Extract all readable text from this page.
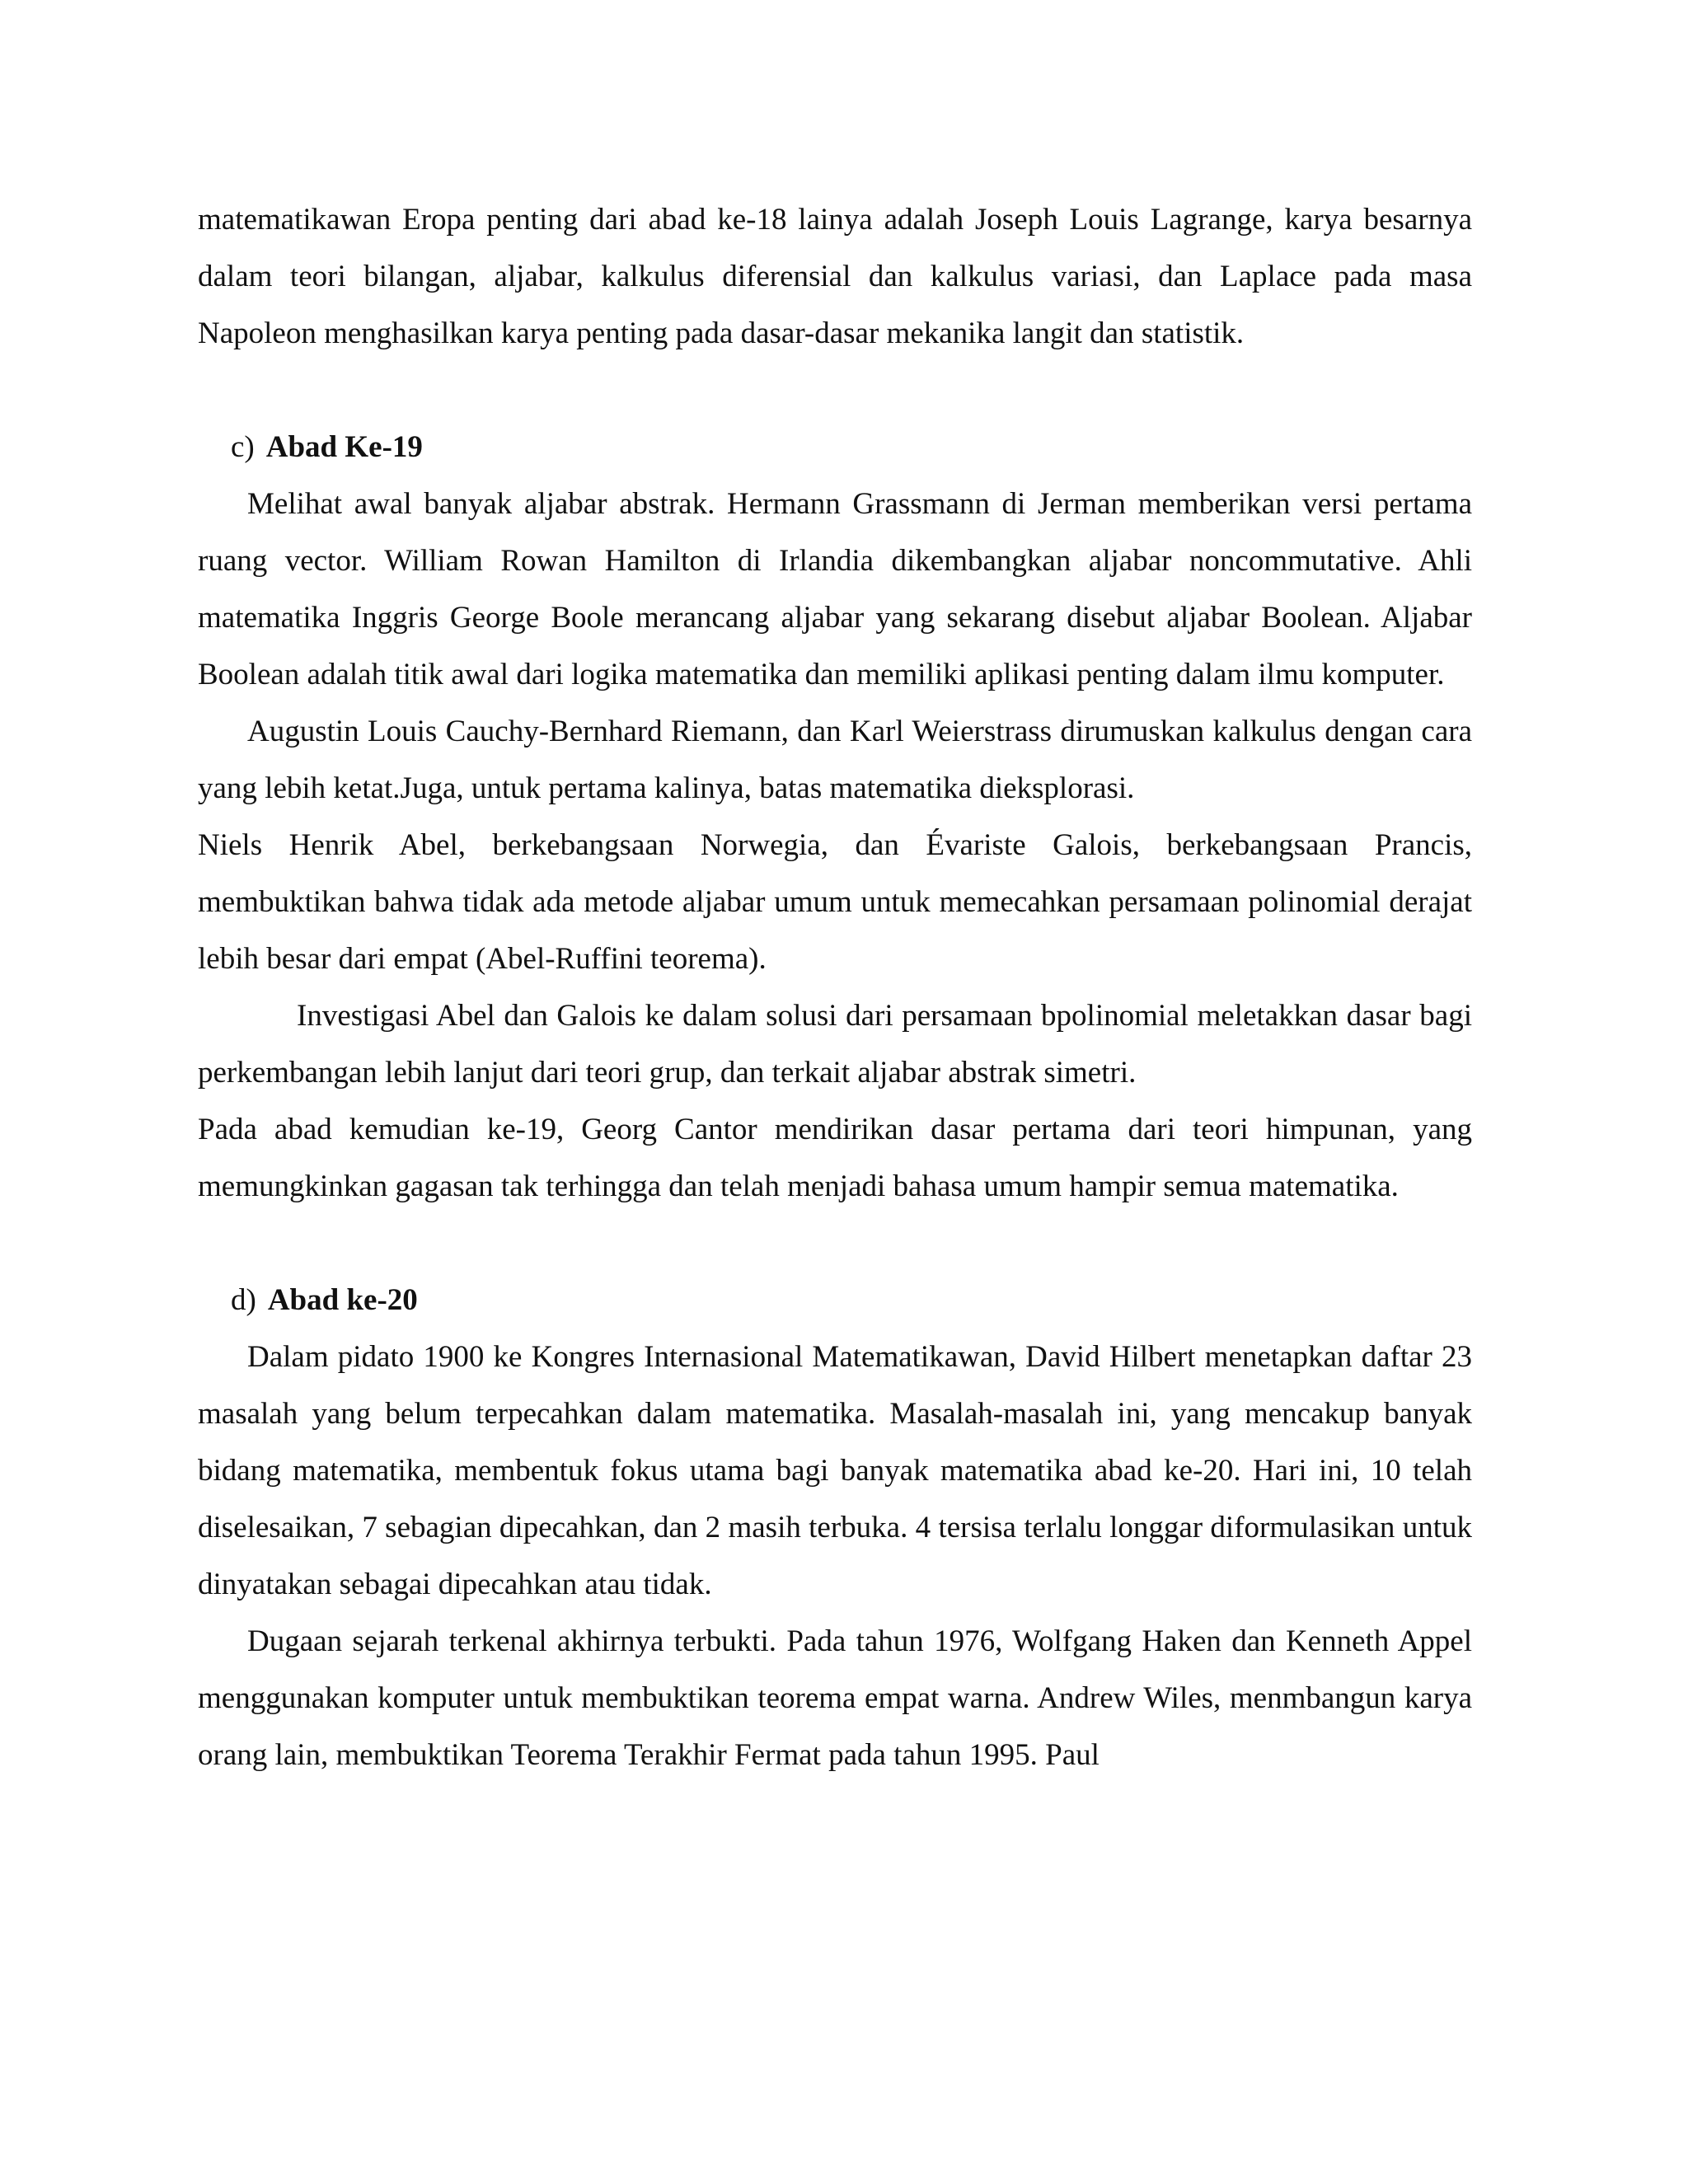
matematikawan Eropa penting dari abad ke-18 lainya adalah Joseph Louis Lagrange, karya besarnya dalam teori bilangan, aljabar, kalkulus diferensial dan kalkulus variasi, dan Laplace pada masa Napoleon menghasilkan karya penting pada dasar-dasar mekanika langit dan statistik.

c) Abad Ke-19

Melihat awal banyak aljabar abstrak. Hermann Grassmann di Jerman memberikan versi pertama ruang vector. William Rowan Hamilton di Irlandia dikembangkan aljabar noncommutative. Ahli matematika Inggris George Boole merancang aljabar yang sekarang disebut aljabar Boolean. Aljabar Boolean adalah titik awal dari logika matematika dan memiliki aplikasi penting dalam ilmu komputer.

Augustin Louis Cauchy-Bernhard Riemann, dan Karl Weierstrass dirumuskan kalkulus dengan cara yang lebih ketat.Juga, untuk pertama kalinya, batas matematika dieksplorasi.

Niels Henrik Abel, berkebangsaan Norwegia, dan Évariste Galois, berkebangsaan Prancis, membuktikan bahwa tidak ada metode aljabar umum untuk memecahkan persamaan polinomial derajat lebih besar dari empat (Abel-Ruffini teorema).

Investigasi Abel dan Galois ke dalam solusi dari persamaan bpolinomial meletakkan dasar bagi perkembangan lebih lanjut dari teori grup, dan terkait aljabar abstrak simetri.

Pada abad kemudian ke-19, Georg Cantor mendirikan dasar pertama dari teori himpunan, yang memungkinkan gagasan tak terhingga dan telah menjadi bahasa umum hampir semua matematika.

d) Abad ke-20

Dalam pidato 1900 ke Kongres Internasional Matematikawan, David Hilbert menetapkan daftar 23 masalah yang belum terpecahkan dalam matematika. Masalah-masalah ini, yang mencakup banyak bidang matematika, membentuk fokus utama bagi banyak matematika abad ke-20. Hari ini, 10 telah diselesaikan, 7 sebagian dipecahkan, dan 2 masih terbuka. 4 tersisa terlalu longgar diformulasikan untuk dinyatakan sebagai dipecahkan atau tidak.

Dugaan sejarah terkenal akhirnya terbukti. Pada tahun 1976, Wolfgang Haken dan Kenneth Appel menggunakan komputer untuk membuktikan teorema empat warna. Andrew Wiles, menmbangun karya orang lain, membuktikan Teorema Terakhir Fermat pada tahun 1995. Paul
